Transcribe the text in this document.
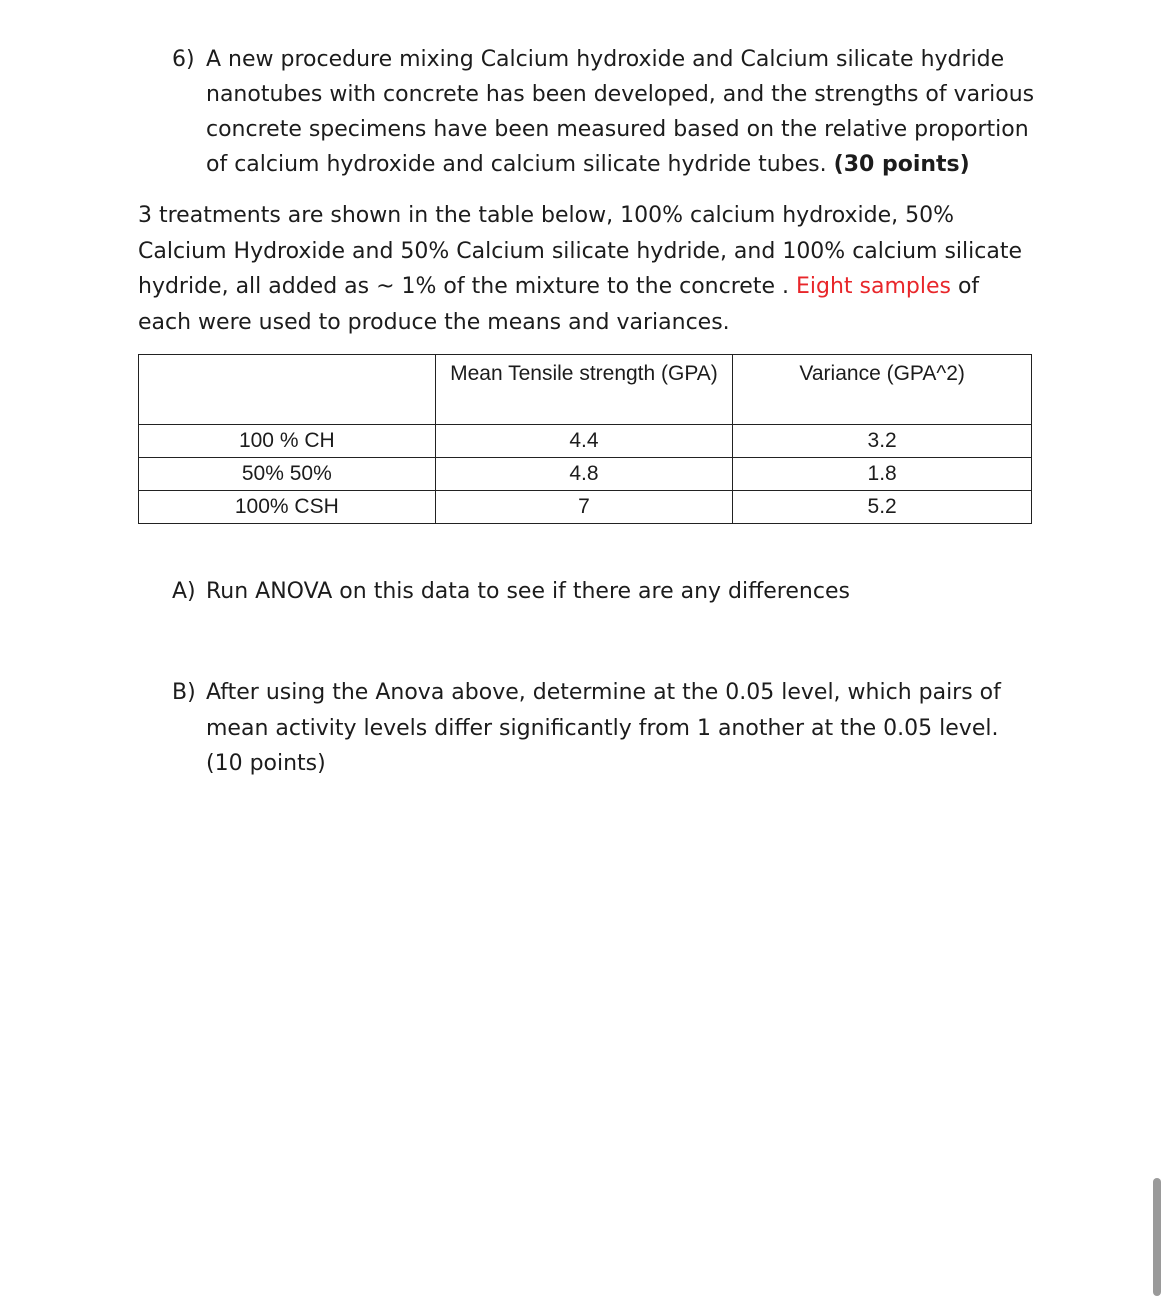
6) A new procedure mixing Calcium hydroxide and Calcium silicate hydride nanotubes with concrete has been developed, and the strengths of various concrete specimens have been measured based on the relative proportion of calcium hydroxide and calcium silicate hydride tubes. (30 points)
3 treatments are shown in the table below, 100% calcium hydroxide, 50% Calcium Hydroxide and 50% Calcium silicate hydride, and 100% calcium silicate hydride, all added as ~ 1% of the mixture to the concrete . Eight samples of each were used to produce the means and variances.
	Mean Tensile strength (GPA)	Variance (GPA^2)
100 % CH	4.4	3.2
50% 50%	4.8	1.8
100% CSH	7	5.2
A) Run ANOVA on this data to see if there are any differences
B) After using the Anova above, determine at the 0.05 level, which pairs of mean activity levels differ significantly from 1 another at the 0.05 level. (10 points)
